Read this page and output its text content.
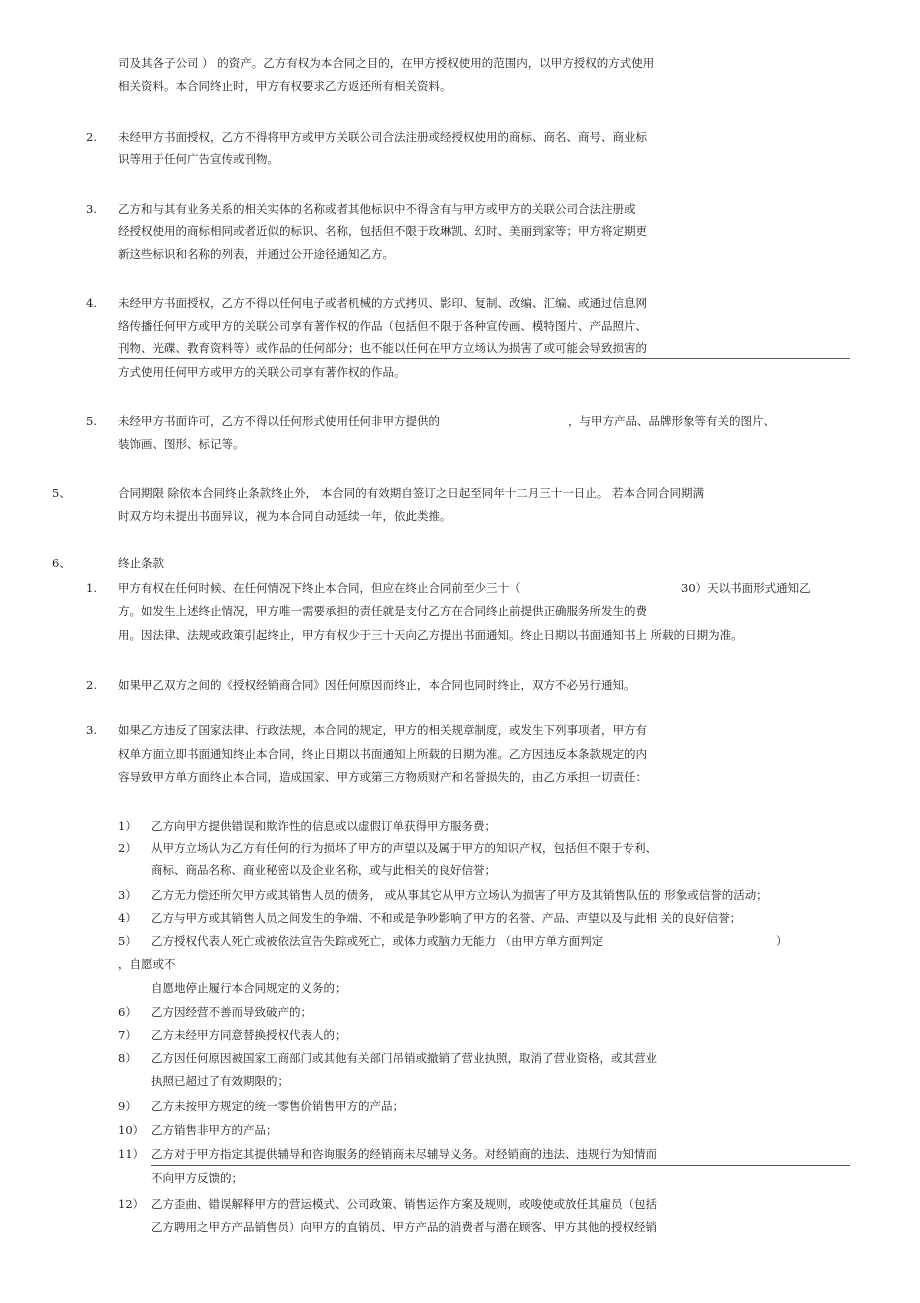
司及其各子公司 ） 的资产。乙方有权为本合同之目的，在甲方授权使用的范围内，以甲方授权的方式使用
相关资料。本合同终止时，甲方有权要求乙方返还所有相关资料。
2. 未经甲方书面授权，乙方不得将甲方或甲方关联公司合法注册或经授权使用的商标、商名、商号、商业标
识等用于任何广告宣传或刊物。
3. 乙方和与其有业务关系的相关实体的名称或者其他标识中不得含有与甲方或甲方的关联公司合法注册或
经授权使用的商标相同或者近似的标识、名称，包括但不限于玫琳凯、幻时、美丽到家等；甲方将定期更
新这些标识和名称的列表，并通过公开途径通知乙方。
4. 未经甲方书面授权，乙方不得以任何电子或者机械的方式拷贝、影印、复制、改编、汇编、或通过信息网
络传播任何甲方或甲方的关联公司享有著作权的作品（包括但不限于各种宣传画、模特图片、产品照片、
刊物、光碟、教育资料等）或作品的任何部分；也不能以任何在甲方立场认为损害了或可能会导致损害的
方式使用任何甲方或甲方的关联公司享有著作权的作品。
5. 未经甲方书面许可，乙方不得以任何形式使用任何非甲方提供的	，与甲方产品、品牌形象等有关的图片、
装饰画、图形、标记等。
5、	合同期限 除依本合同终止条款终止外， 本合同的有效期自签订之日起至同年十二月三十一日止。 若本合同合同期满
时双方均未提出书面异议，视为本合同自动延续一年，依此类推。
6、	终止条款
1. 甲方有权在任何时候、在任何情况下终止本合同，但应在终止合同前至少三十（	30）天以书面形式通知乙
方。如发生上述终止情况，甲方唯一需要承担的责任就是支付乙方在合同终止前提供正确服务所发生的费
用。因法律、法规或政策引起终止，甲方有权少于三十天向乙方提出书面通知。终止日期以书面通知书上 所载的日期为准。
2. 如果甲乙双方之间的《授权经销商合同》因任何原因而终止，本合同也同时终止，双方不必另行通知。
3. 如果乙方违反了国家法律、行政法规，本合同的规定，甲方的相关规章制度，或发生下列事项者，甲方有
权单方面立即书面通知终止本合同，终止日期以书面通知上所载的日期为准。乙方因违反本条款规定的内
容导致甲方单方面终止本合同，造成国家、甲方或第三方物质财产和名誉损失的，由乙方承担一切责任：
1） 乙方向甲方提供错误和欺诈性的信息或以虚假订单获得甲方服务费；
2） 从甲方立场认为乙方有任何的行为损坏了甲方的声望以及属于甲方的知识产权，包括但不限于专利、
商标、商品名称、商业秘密以及企业名称，或与此相关的良好信誉；
3） 乙方无力偿还所欠甲方或其销售人员的债务， 或从事其它从甲方立场认为损害了甲方及其销售队伍的 形象或信誉的活动；
4） 乙方与甲方或其销售人员之间发生的争端、不和或是争吵影响了甲方的名誉、产品、声望以及与此相 关的良好信誉；
5） 乙方授权代表人死亡或被依法宣告失踪或死亡，或体力或脑力无能力 （由甲方单方面判定	）
，自愿或不
自愿地停止履行本合同规定的义务的；
6） 乙方因经营不善而导致破产的；
7） 乙方未经甲方同意替换授权代表人的；
8） 乙方因任何原因被国家工商部门或其他有关部门吊销或撤销了营业执照，取消了营业资格，或其营业
执照已超过了有效期限的；
9） 乙方未按甲方规定的统一零售价销售甲方的产品；
10） 乙方销售非甲方的产品；
11） 乙方对于甲方指定其提供辅导和咨询服务的经销商未尽辅导义务。对经销商的违法、违规行为知情而
不向甲方反馈的；
12） 乙方歪曲、错误解释甲方的营运模式、公司政策、销售运作方案及规则，或唆使或放任其雇员（包括
乙方聘用之甲方产品销售员）向甲方的直销员、甲方产品的消费者与潜在顾客、甲方其他的授权经销
